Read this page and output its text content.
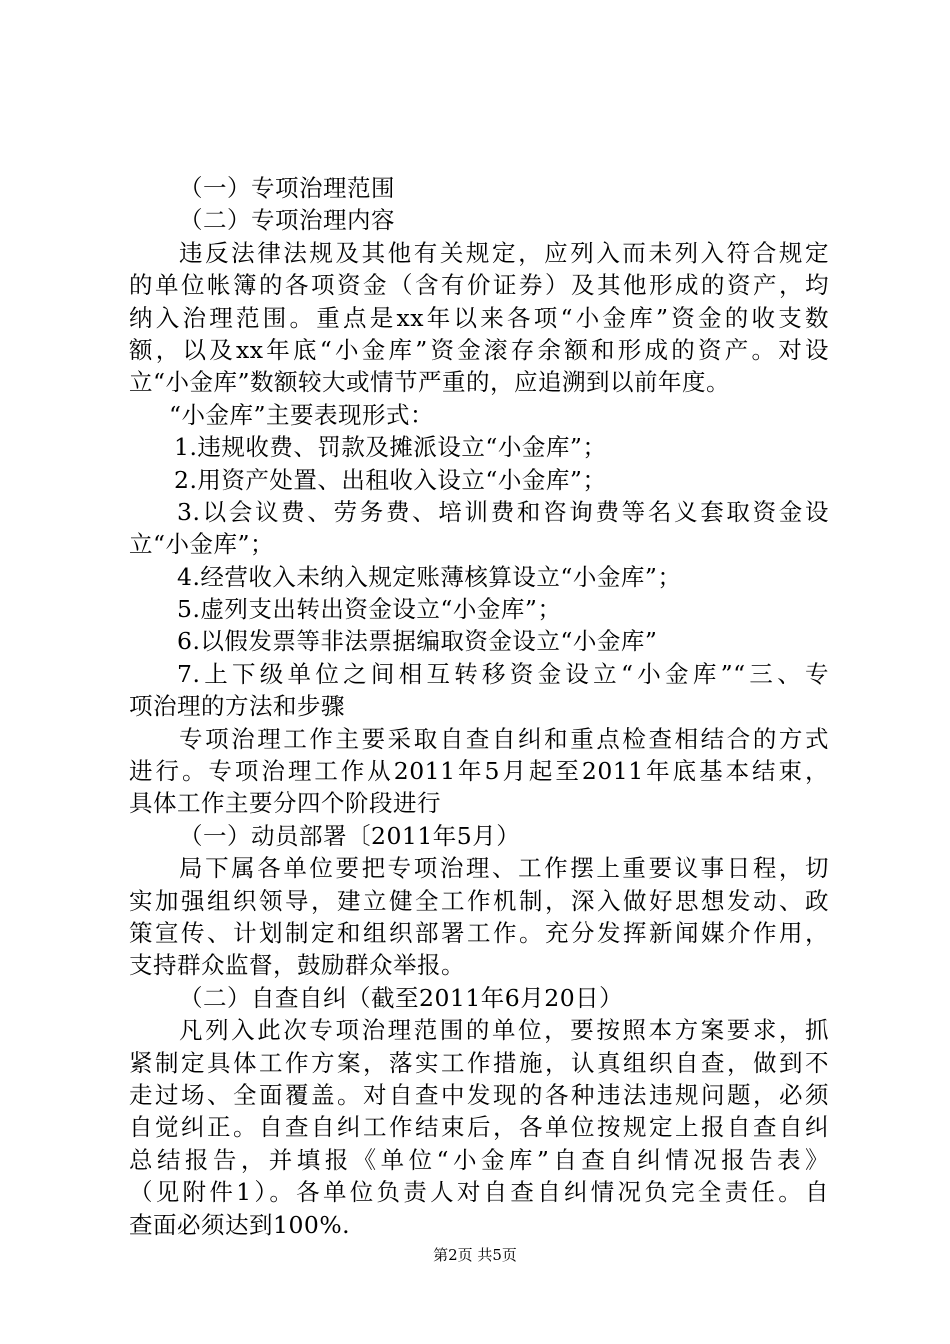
（一）专项治理范围
（二）专项治理内容
违反法律法规及其他有关规定，应列入而未列入符合规定
的单位帐簿的各项资金（含有价证券）及其他形成的资产，均
纳入治理范围。重点是xx年以来各项“小金库”资金的收支数
额，以及xx年底“小金库”资金滚存余额和形成的资产。对设
立“小金库”数额较大或情节严重的，应追溯到以前年度。
“小金库”主要表现形式：
1.违规收费、罚款及摊派设立“小金库”；
2.用资产处置、出租收入设立“小金库”；
3.以会议费、劳务费、培训费和咨询费等名义套取资金设
立“小金库”；
4.经营收入未纳入规定账薄核算设立“小金库”；
5.虚列支出转出资金设立“小金库”；
6.以假发票等非法票据编取资金设立“小金库”
7.上下级单位之间相互转移资金设立“小金库”“三、专
项治理的方法和步骤
专项治理工作主要采取自查自纠和重点检查相结合的方式
进行。专项治理工作从2011年5月起至2011年底基本结束，
具体工作主要分四个阶段进行
（一）动员部署〔2011年5月）
局下属各单位要把专项治理、工作摆上重要议事日程，切
实加强组织领导，建立健全工作机制，深入做好思想发动、政
策宣传、计划制定和组织部署工作。充分发挥新闻媒介作用，
支持群众监督，鼓励群众举报。
（二）自查自纠（截至2011年6月20日）
凡列入此次专项治理范围的单位，要按照本方案要求，抓
紧制定具体工作方案，落实工作措施，认真组织自查，做到不
走过场、全面覆盖。对自查中发现的各种违法违规问题，必须
自觉纠正。自查自纠工作结束后，各单位按规定上报自查自纠
总结报告，并填报《单位“小金库”自查自纠情况报告表》
（见附件1）。各单位负责人对自查自纠情况负完全责任。自
查面必须达到100%.
第2页 共5页
